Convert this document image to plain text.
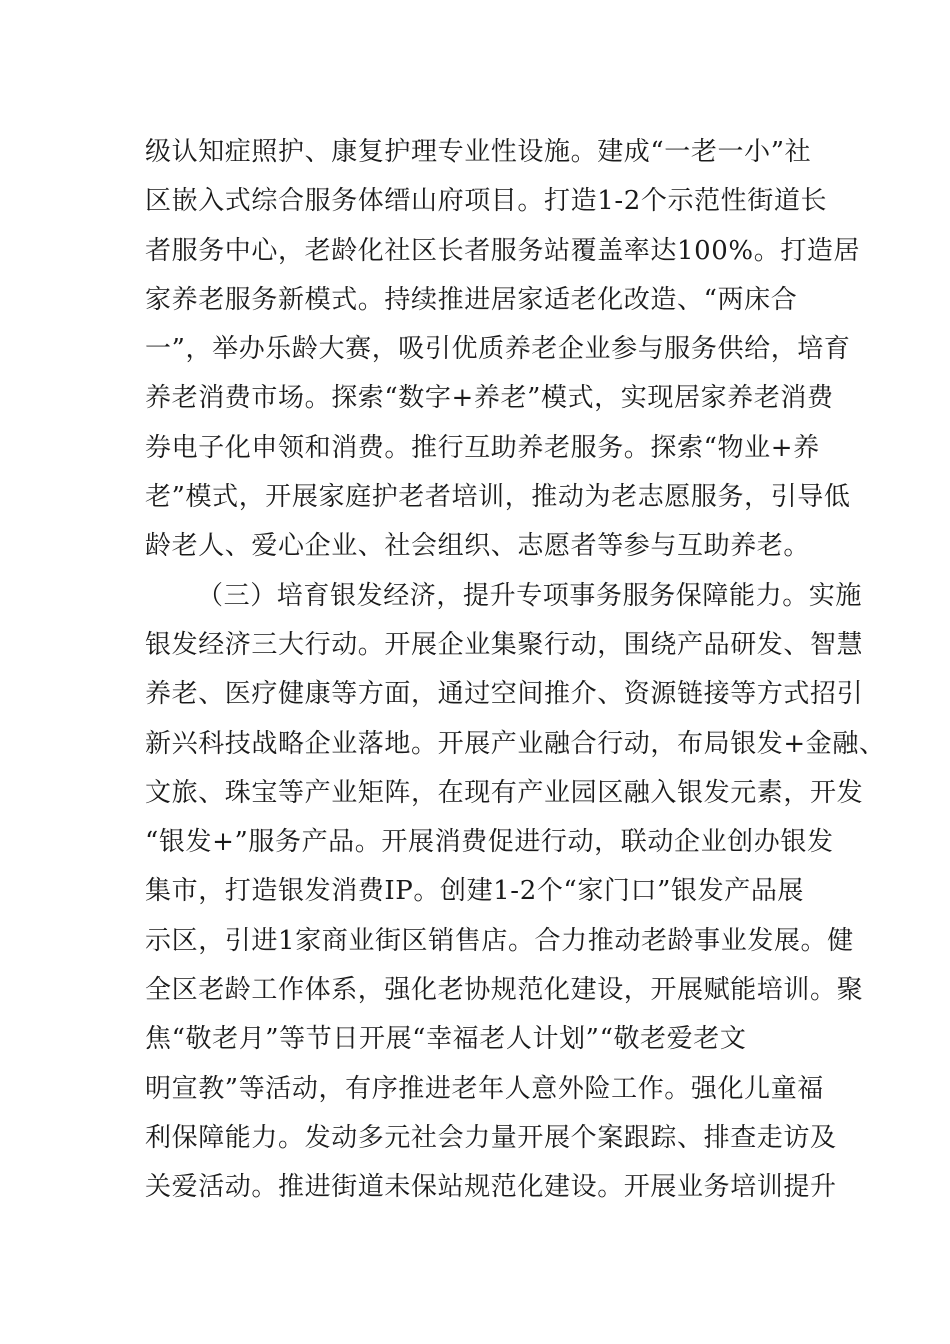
级认知症照护、康复护理专业性设施。建成“一老一小”社
区嵌入式综合服务体缙山府项目。打造1-2个示范性街道长
者服务中心，老龄化社区长者服务站覆盖率达100%。打造居
家养老服务新模式。持续推进居家适老化改造、“两床合
一”，举办乐龄大赛，吸引优质养老企业参与服务供给，培育
养老消费市场。探索“数字+养老”模式，实现居家养老消费
券电子化申领和消费。推行互助养老服务。探索“物业+养
老”模式，开展家庭护老者培训，推动为老志愿服务，引导低
龄老人、爱心企业、社会组织、志愿者等参与互助养老。
（三）培育银发经济，提升专项事务服务保障能力。实施
银发经济三大行动。开展企业集聚行动，围绕产品研发、智慧
养老、医疗健康等方面，通过空间推介、资源链接等方式招引
新兴科技战略企业落地。开展产业融合行动，布局银发+金融、
文旅、珠宝等产业矩阵，在现有产业园区融入银发元素，开发
“银发+”服务产品。开展消费促进行动，联动企业创办银发
集市，打造银发消费IP。创建1-2个“家门口”银发产品展
示区，引进1家商业街区销售店。合力推动老龄事业发展。健
全区老龄工作体系，强化老协规范化建设，开展赋能培训。聚
焦“敬老月”等节日开展“幸福老人计划”“敬老爱老文
明宣教”等活动，有序推进老年人意外险工作。强化儿童福
利保障能力。发动多元社会力量开展个案跟踪、排查走访及
关爱活动。推进街道未保站规范化建设。开展业务培训提升
